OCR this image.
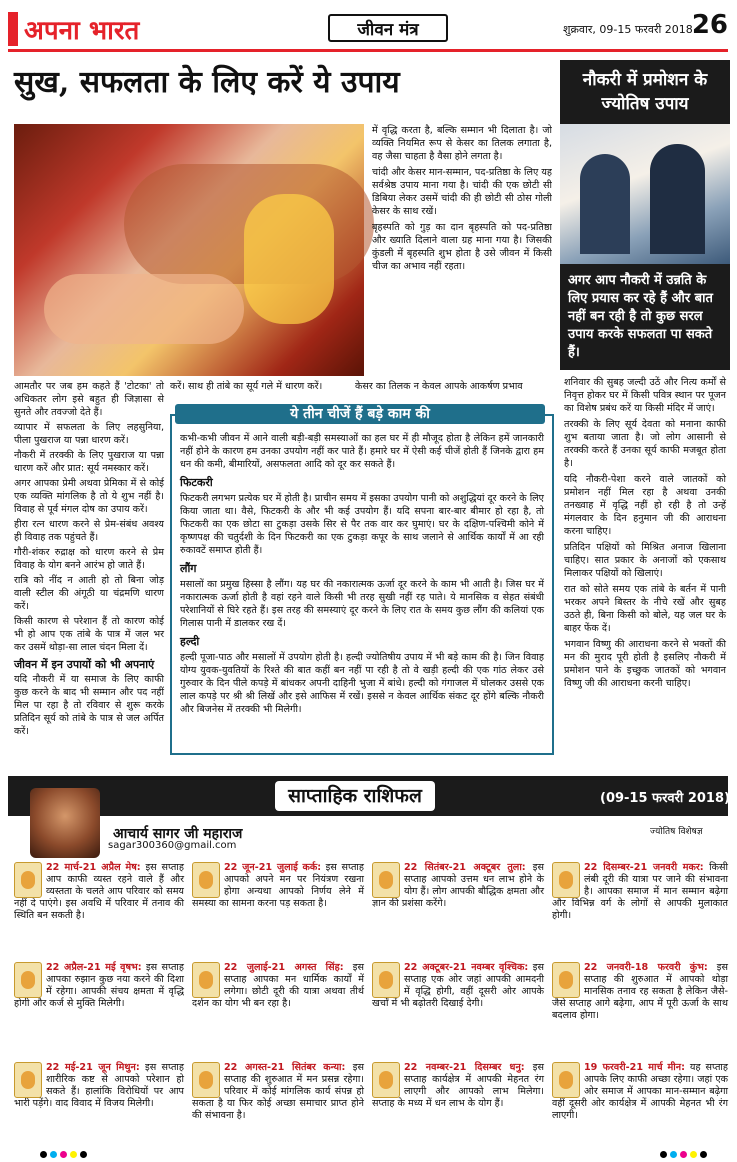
अपना भारत	जीवन मंत्र	शुक्रवार, 09-15 फरवरी 2018 26
सुख, सफलता के लिए करें ये उपाय

आमतौर पर जब हम कहते हैं 'टोटका' तो अधिकतर लोग इसे बहुत ही जिज्ञासा से सुनते और तवज्जो देते हैं।

व्यापार में सफलता के लिए लहसुनिया, पीला पुखराज या पन्ना धारण करें।

नौकरी में तरक्की के लिए पुखराज या पन्ना धारण करें और प्रात: सूर्य नमस्कार करें।

अगर आपका प्रेमी अथवा प्रेमिका में से कोई एक व्यक्ति मांगलिक है तो ये शुभ नहीं है। विवाह से पूर्व मंगल दोष का उपाय करें।

हीरा रत्न धारण करने से प्रेम-संबंध अवश्य ही विवाह तक पहुंचते हैं।

गौरी-शंकर रुद्राक्ष को धारण करने से प्रेम विवाह के योग बनने आरंभ हो जाते हैं।

रात्रि को नींद न आती हो तो बिना जोड़ वाली स्टील की अंगूठी या चंद्रमणि धारण करें।

किसी कारण से परेशान हैं तो कारण कोई भी हो आप एक तांबे के पात्र में जल भर कर उसमें थोड़ा-सा लाल चंदन मिला दें।

जीवन में इन उपायों को भी अपनाएं

यदि नौकरी में या समाज के लिए काफी कुछ करने के बाद भी सम्मान और पद नहीं मिल पा रहा है तो रविवार से शुरू करके प्रतिदिन सूर्य को तांबे के पात्र से जल अर्पित करें।

करें। साथ ही तांबे का सूर्य गले में धारण करें।	केसर का तिलक न केवल आपके आकर्षण प्रभाव

कभी-कभी जीवन में आने वाली बड़ी-बड़ी समस्याओं का हल घर में ही मौजूद होता है लेकिन हमें जानकारी नहीं होने के कारण हम उनका उपयोग नहीं कर पाते हैं। हमारे घर में ऐसी कई चीजें होती हैं जिनके द्वारा हम धन की कमी, बीमारियों, असफलता आदि को दूर कर सकते हैं।

फिटकरी

फिटकरी लगभग प्रत्येक घर में होती है। प्राचीन समय में इसका उपयोग पानी को अशुद्धियां दूर करने के लिए किया जाता था। वैसे, फिटकरी के और भी कई उपयोग हैं। यदि सपना बार-बार बीमार हो रहा है, तो फिटकरी का एक छोटा सा टुकड़ा उसके सिर से पैर तक वार कर घुमाएं। घर के दक्षिण-पश्चिमी कोने में कृष्णपक्ष की चतुर्दशी के दिन फिटकरी का एक टुकड़ा कपूर के साथ जलाने से आर्थिक कार्यों में आ रही रुकावटें समाप्त होती हैं।

लौंग

मसालों का प्रमुख हिस्सा है लौंग। यह घर की नकारात्मक ऊर्जा दूर करने के काम भी आती है। जिस घर में नकारात्मक ऊर्जा होती है वहां रहने वाले किसी भी तरह सुखी नहीं रह पाते। ये मानसिक व सेहत संबंधी परेशानियों से घिरे रहते हैं। इस तरह की समस्याएं दूर करने के लिए रात के समय कुछ लौंग की कलियां एक गिलास पानी में डालकर रख दें।

हल्दी

हल्दी पूजा-पाठ और मसालों में उपयोग होती है। हल्दी ज्योतिषीय उपाय में भी बड़े काम की है। जिन विवाह योग्य युवक-युवतियों के रिश्ते की बात कहीं बन नहीं पा रही है तो वे खड़ी हल्दी की एक गांठ लेकर उसे गुरुवार के दिन पीले कपड़े में बांधकर अपनी दाहिनी भुजा में बांधे। हल्दी को गंगाजल में घोलकर उससे एक लाल कपड़े पर श्री श्री लिखें और इसे आफिस में रखें। इससे न केवल आर्थिक संकट दूर होंगे बल्कि नौकरी और बिजनेस में तरक्की भी मिलेगी।

ये तीन चीजें हैं बड़े काम की
नौकरी में प्रमोशन के ज्योतिष उपाय
अगर आप नौकरी में उन्नति के लिए प्रयास कर रहे हैं और बात नहीं बन रही है तो कुछ सरल उपाय करके सफलता पा सकते हैं।

शनिवार की सुबह जल्दी उठें और नित्य कर्मों से निवृत्त होकर घर में किसी पवित्र स्थान पर पूजन का विशेष प्रबंध करें या किसी मंदिर में जाएं।

तरक्की के लिए सूर्य देवता को मनाना काफी शुभ बताया जाता है। जो लोग आसानी से तरक्की करते हैं उनका सूर्य काफी मजबूत होता है।

यदि नौकरी-पेशा करने वाले जातकों को प्रमोशन नहीं मिल रहा है अथवा उनकी तनख्वाह में वृद्धि नहीं हो रही है तो उन्हें मंगलवार के दिन हनुमान जी की आराधना करना चाहिए।

प्रतिदिन पक्षियों को मिश्रित अनाज खिलाना चाहिए। सात प्रकार के अनाजों को एकसाथ मिलाकर पक्षियों को खिलाएं।

रात को सोते समय एक तांबे के बर्तन में पानी भरकर अपने बिस्तर के नीचे रखें और सुबह उठते ही, बिना किसी को बोले, यह जल घर के बाहर फेंक दें।

भगवान विष्णु की आराधना करने से भक्तों की मन की मुराद पूरी होती है इसलिए नौकरी में प्रमोशन पाने के इच्छुक जातकों को भगवान विष्णु जी की आराधना करनी चाहिए।

साप्ताहिक राशिफल	(09-15 फरवरी 2018)
आचार्य सागर जी महाराज
sagar300360@gmail.com
ज्योतिष विशेषज्ञ
22 मार्च-21 अप्रैल मेष: इस सप्ताह आप काफी व्यस्त रहने वाले हैं और व्यस्तता के चलते आप परिवार को समय नहीं दे पाएंगे। इस अवधि में परिवार में तनाव की स्थिति बन सकती है।
22 अप्रैल-21 मई वृषभ: इस सप्ताह आपका रुझान कुछ नया करने की दिशा में रहेगा। आपकी संचय क्षमता में वृद्धि होगी और कर्ज से मुक्ति मिलेगी।
22 मई-21 जून मिथुन: इस सप्ताह शारीरिक कष्ट से आपको परेशान हो सकते हैं। हालांकि विरोधियों पर आप भारी पड़ेंगे। वाद विवाद में विजय मिलेगी।
22 जून-21 जुलाई कर्क: इस सप्ताह आपको अपने मन पर नियंत्रण रखना होगा अन्यथा आपको निर्णय लेने में समस्या का सामना करना पड़ सकता है।
22 जुलाई-21 अगस्त सिंह: इस सप्ताह आपका मन धार्मिक कार्यों में लगेगा। छोटी दूरी की यात्रा अथवा तीर्थ दर्शन का योग भी बन रहा है।
22 अगस्त-21 सितंबर कन्या: इस सप्ताह की शुरुआत में मन प्रसन्न रहेगा। परिवार में कोई मांगलिक कार्य संपन्न हो सकता है या फिर कोई अच्छा समाचार प्राप्त होने की संभावना है।
22 सितंबर-21 अक्टूबर तुला: इस सप्ताह आपको उत्तम धन लाभ होने के योग हैं। लोग आपकी बौद्धिक क्षमता और ज्ञान की प्रशंसा करेंगे।
22 अक्टूबर-21 नवम्बर वृश्चिक: इस सप्ताह एक ओर जहां आपकी आमदनी में वृद्धि होगी, वहीं दूसरी ओर आपके खर्चों में भी बढ़ोतरी दिखाई देगी।
22 नवम्बर-21 दिसम्बर धनु: इस सप्ताह कार्यक्षेत्र में आपकी मेहनत रंग लाएगी और आपको लाभ मिलेगा। सप्ताह के मध्य में धन लाभ के योग हैं।
22 दिसम्बर-21 जनवरी मकर: किसी लंबी दूरी की यात्रा पर जाने की संभावना है। आपका समाज में मान सम्मान बढ़ेगा और विभिन्न वर्ग के लोगों से आपकी मुलाकात होगी।
22 जनवरी-18 फरवरी कुंभ: इस सप्ताह की शुरुआत में आपको थोड़ा मानसिक तनाव रह सकता है लेकिन जैसे-जैसे सप्ताह आगे बढ़ेगा, आप में पूरी ऊर्जा के साथ बदलाव होगा।
19 फरवरी-21 मार्च मीन: यह सप्ताह आपके लिए काफी अच्छा रहेगा। जहां एक ओर समाज में आपका मान-सम्मान बढ़ेगा वहीं दूसरी ओर कार्यक्षेत्र में आपकी मेहनत भी रंग लाएगी।

में वृद्धि करता है, बल्कि सम्मान भी दिलाता है। जो व्यक्ति नियमित रूप से केसर का तिलक लगाता है, वह जैसा चाहता है वैसा होने लगता है।

चांदी और केसर मान-सम्मान, पद-प्रतिष्ठा के लिए यह सर्वश्रेष्ठ उपाय माना गया है। चांदी की एक छोटी सी डिबिया लेकर उसमें चांदी की ही छोटी सी ठोस गोली केसर के साथ रखें।

बृहस्पति को गुड़ का दान बृहस्पति को पद-प्रतिष्ठा और ख्याति दिलाने वाला ग्रह माना गया है। जिसकी कुंडली में बृहस्पति शुभ होता है उसे जीवन में किसी चीज का अभाव नहीं रहता।
